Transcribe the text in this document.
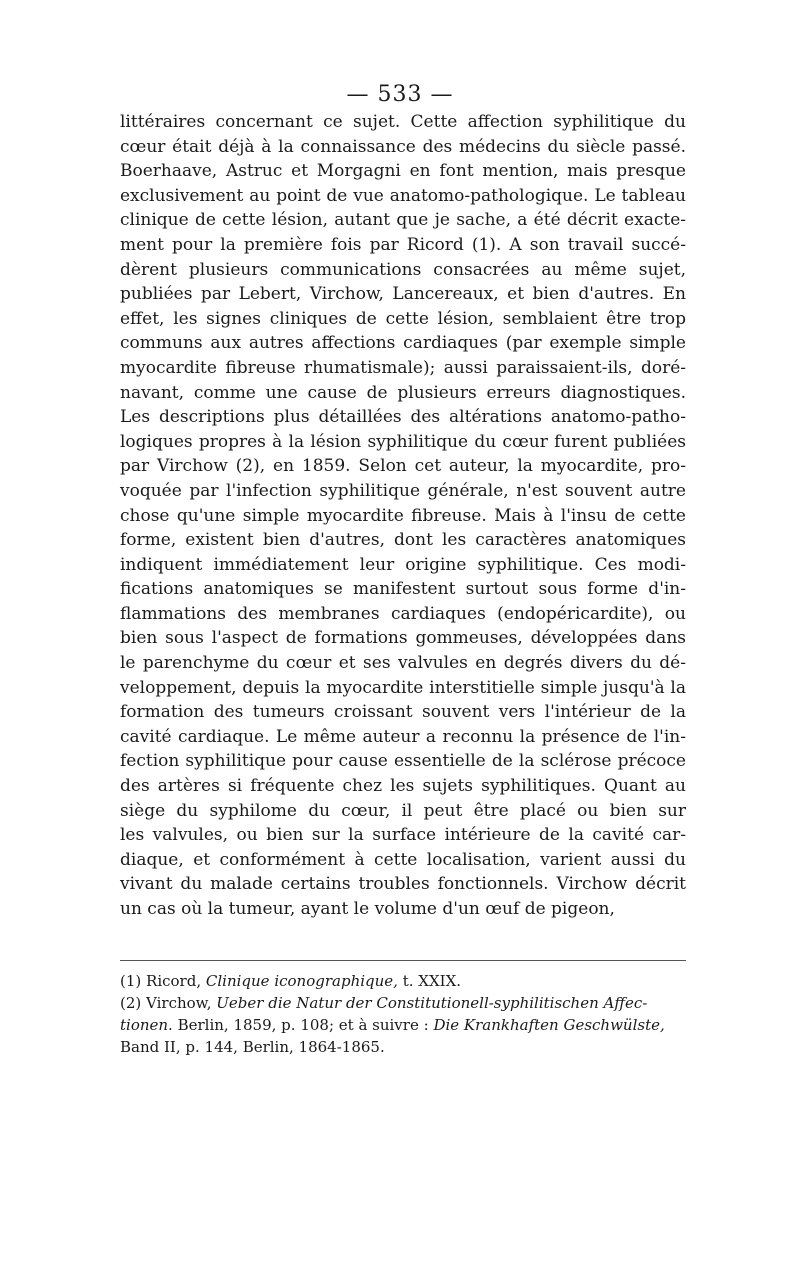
— 533 —
littéraires concernant ce sujet. Cette affection syphilitique du
cœur était déjà à la connaissance des médecins du siècle passé.
Boerhaave, Astruc et Morgagni en font mention, mais presque
exclusivement au point de vue anatomo-pathologique. Le tableau
clinique de cette lésion, autant que je sache, a été décrit exacte-
ment pour la première fois par Ricord (1). A son travail succé-
dèrent plusieurs communications consacrées au même sujet,
publiées par Lebert, Virchow, Lancereaux, et bien d'autres. En
effet, les signes cliniques de cette lésion, semblaient être trop
communs aux autres affections cardiaques (par exemple simple
myocardite fibreuse rhumatismale); aussi paraissaient-ils, doré-
navant, comme une cause de plusieurs erreurs diagnostiques.
Les descriptions plus détaillées des altérations anatomo-patho-
logiques propres à la lésion syphilitique du cœur furent publiées
par Virchow (2), en 1859. Selon cet auteur, la myocardite, pro-
voquée par l'infection syphilitique générale, n'est souvent autre
chose qu'une simple myocardite fibreuse. Mais à l'insu de cette
forme, existent bien d'autres, dont les caractères anatomiques
indiquent immédiatement leur origine syphilitique. Ces modi-
fications anatomiques se manifestent surtout sous forme d'in-
flammations des membranes cardiaques (endopéricardite), ou
bien sous l'aspect de formations gommeuses, développées dans
le parenchyme du cœur et ses valvules en degrés divers du dé-
veloppement, depuis la myocardite interstitielle simple jusqu'à la
formation des tumeurs croissant souvent vers l'intérieur de la
cavité cardiaque. Le même auteur a reconnu la présence de l'in-
fection syphilitique pour cause essentielle de la sclérose précoce
des artères si fréquente chez les sujets syphilitiques. Quant au
siège du syphilome du cœur, il peut être placé ou bien sur
les valvules, ou bien sur la surface intérieure de la cavité car-
diaque, et conformément à cette localisation, varient aussi du
vivant du malade certains troubles fonctionnels. Virchow décrit
un cas où la tumeur, ayant le volume d'un œuf de pigeon,
(1) Ricord, Clinique iconographique, t. XXIX.
(2) Virchow, Ueber die Natur der Constitutionell-syphilitischen Affec-
tionen. Berlin, 1859, p. 108; et à suivre : Die Krankhaften Geschwülste,
Band II, p. 144, Berlin, 1864-1865.
